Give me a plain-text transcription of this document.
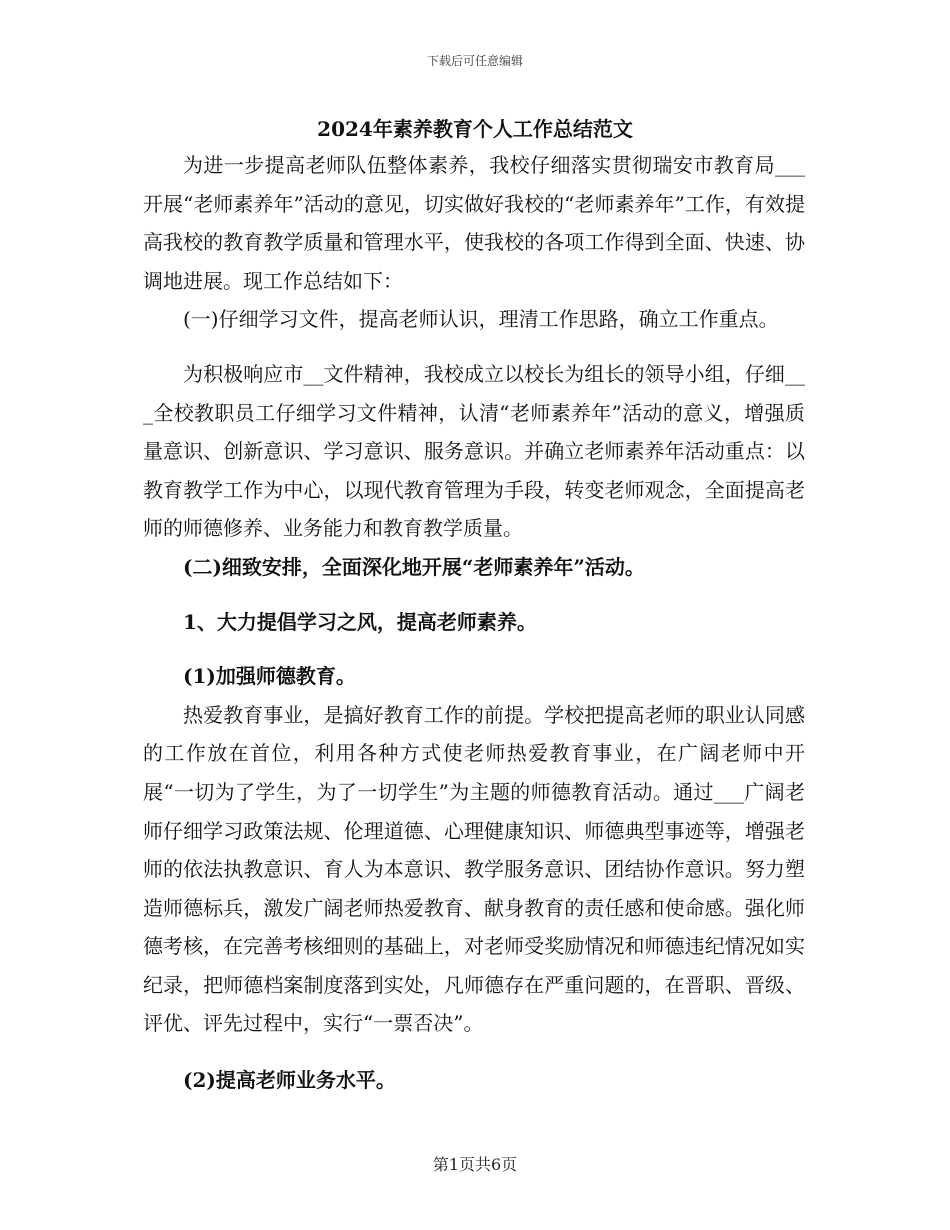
下载后可任意编辑
2024年素养教育个人工作总结范文

为进一步提高老师队伍整体素养，我校仔细落实贯彻瑞安市教育局___开展“老师素养年”活动的意见，切实做好我校的“老师素养年”工作，有效提高我校的教育教学质量和管理水平，使我校的各项工作得到全面、快速、协调地进展。现工作总结如下：

(一)仔细学习文件，提高老师认识，理清工作思路，确立工作重点。

为积极响应市__文件精神，我校成立以校长为组长的领导小组，仔细___全校教职员工仔细学习文件精神，认清“老师素养年”活动的意义，增强质量意识、创新意识、学习意识、服务意识。并确立老师素养年活动重点：以教育教学工作为中心，以现代教育管理为手段，转变老师观念，全面提高老师的师德修养、业务能力和教育教学质量。

(二)细致安排，全面深化地开展“老师素养年”活动。

1、大力提倡学习之风，提高老师素养。

(1)加强师德教育。

热爱教育事业，是搞好教育工作的前提。学校把提高老师的职业认同感的工作放在首位，利用各种方式使老师热爱教育事业，在广阔老师中开展“一切为了学生，为了一切学生”为主题的师德教育活动。通过___广阔老师仔细学习政策法规、伦理道德、心理健康知识、师德典型事迹等，增强老师的依法执教意识、育人为本意识、教学服务意识、团结协作意识。努力塑造师德标兵，激发广阔老师热爱教育、献身教育的责任感和使命感。强化师德考核，在完善考核细则的基础上，对老师受奖励情况和师德违纪情况如实纪录，把师德档案制度落到实处，凡师德存在严重问题的，在晋职、晋级、评优、评先过程中，实行“一票否决”。

(2)提高老师业务水平。

第1页共6页
